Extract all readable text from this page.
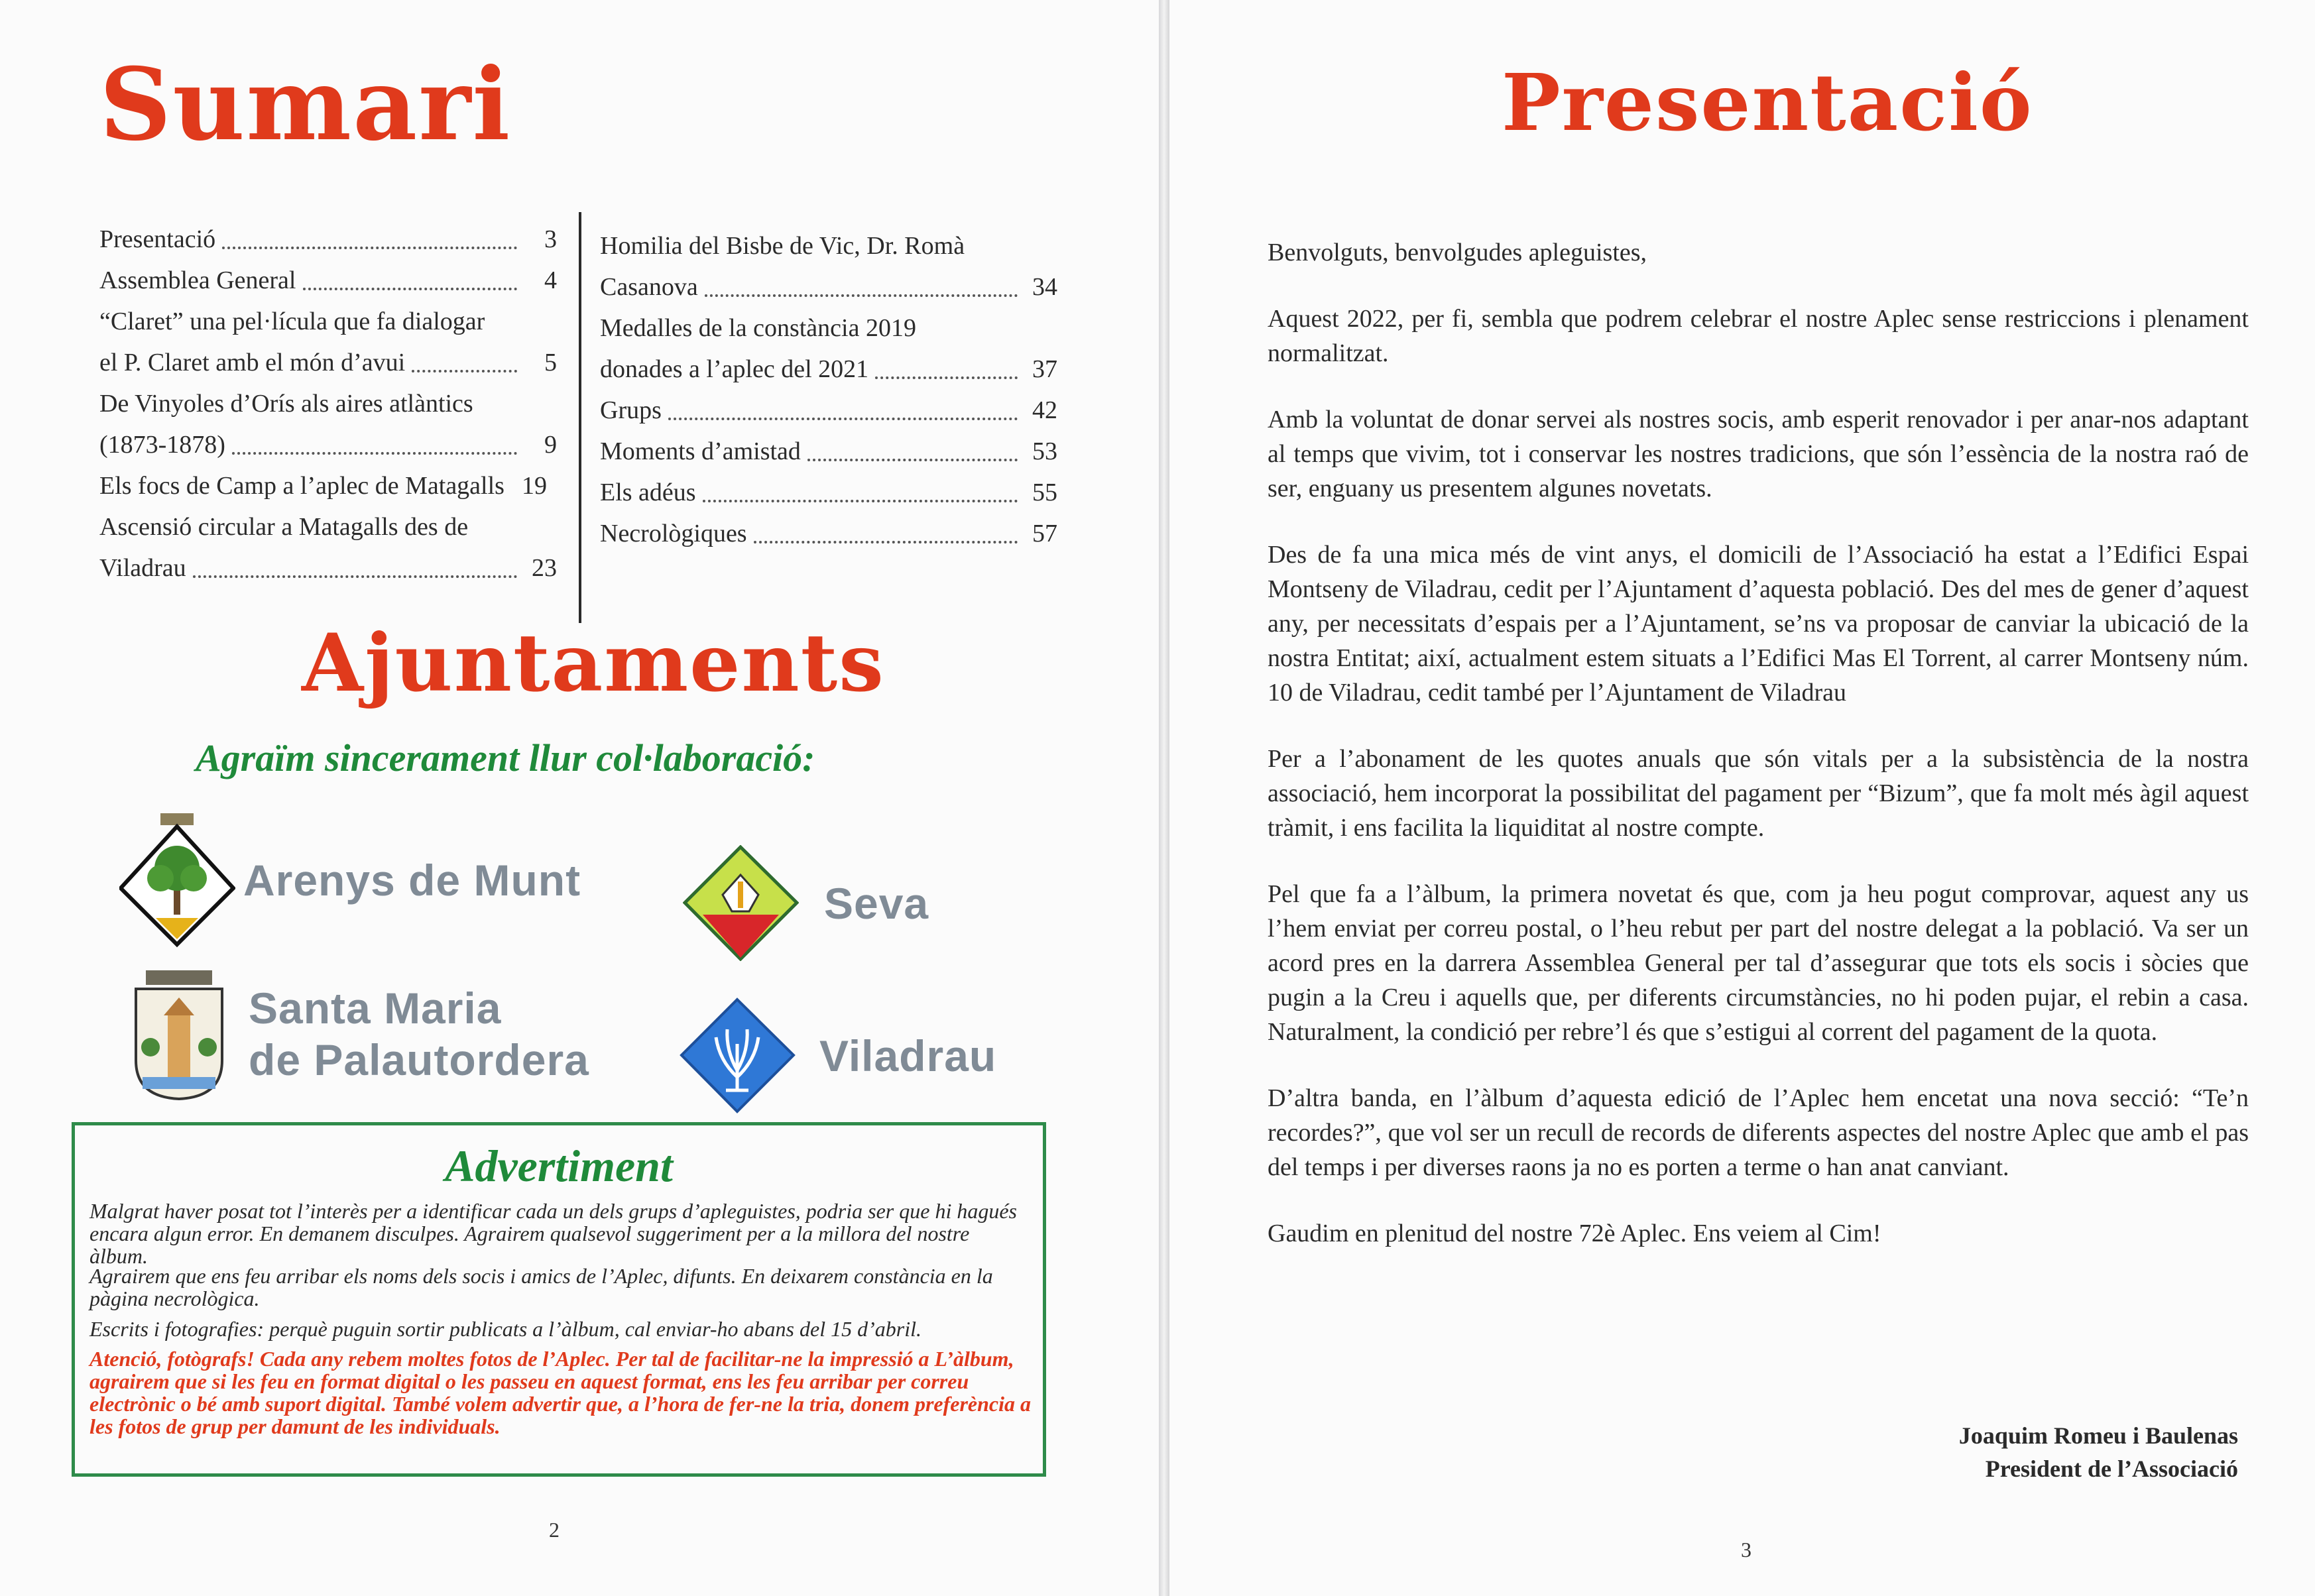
Sumari
Presentació	3
Assemblea General	4
“Claret” una pel·lícula que fa dialogar
el P. Claret amb el món d’avui	5
De Vinyoles d’Orís als aires atlàntics
(1873-1878)	9
Els focs de Camp a l’aplec de Matagalls 19
Ascensió circular a Matagalls des de
Viladrau	23
Homilia del Bisbe de Vic, Dr. Romà
Casanova	34
Medalles de la constància 2019
donades a l’aplec del 2021	37
Grups	42
Moments d’amistad	53
Els adéus	55
Necrològiques	57
Ajuntaments
Agraïm sincerament llur col·laboració:
Arenys de Munt	Seva
Santa Maria
de Palautordera	Viladrau
Advertiment
Malgrat haver posat tot l’interès per a identificar cada un dels grups d’apleguistes, podria ser que hi hagués encara algun error. En demanem disculpes. Agrairem qualsevol suggeriment per a la millora del nostre àlbum.
Agrairem que ens feu arribar els noms dels socis i amics de l’Aplec, difunts. En deixarem constància en la pàgina necrològica.
Escrits i fotografies: perquè puguin sortir publicats a l’àlbum, cal enviar-ho abans del 15 d’abril.
Atenció, fotògrafs! Cada any rebem moltes fotos de l’Aplec. Per tal de facilitar-ne la impressió a L’àlbum, agrairem que si les feu en format digital o les passeu en aquest format, ens les feu arribar per correu electrònic o bé amb suport digital. També volem advertir que, a l’hora de fer-ne la tria, donem preferència a les fotos de grup per damunt de les individuals.
2
Presentació

Benvolguts, benvolgudes apleguistes,

Aquest 2022, per fi, sembla que podrem celebrar el nostre Aplec sense restriccions i plenament normalitzat.

Amb la voluntat de donar servei als nostres socis, amb esperit renovador i per anar-nos adaptant al temps que vivim, tot i conservar les nostres tradicions, que són l’essència de la nostra raó de ser, enguany us presentem algunes novetats.

Des de fa una mica més de vint anys, el domicili de l’Associació ha estat a l’Edifici Espai Montseny de Viladrau, cedit per l’Ajuntament d’aquesta població. Des del mes de gener d’aquest any, per necessitats d’espais per a l’Ajuntament, se’ns va proposar de canviar la ubicació de la nostra Entitat; així, actualment estem situats a l’Edifici Mas El Torrent, al carrer Montseny núm. 10 de Viladrau, cedit també per l’Ajuntament de Viladrau

Per a l’abonament de les quotes anuals que són vitals per a la subsistència de la nostra associació, hem incorporat la possibilitat del pagament per “Bizum”, que fa molt més àgil aquest tràmit, i ens facilita la liquiditat al nostre compte.

Pel que fa a l’àlbum, la primera novetat és que, com ja heu pogut comprovar, aquest any us l’hem enviat per correu postal, o l’heu rebut per part del nostre delegat a la població. Va ser un acord pres en la darrera Assemblea General per tal d’assegurar que tots els socis i sòcies que pugin a la Creu i aquells que, per diferents circumstàncies, no hi poden pujar, el rebin a casa. Naturalment, la condició per rebre’l és que s’estigui al corrent del pagament de la quota.

D’altra banda, en l’àlbum d’aquesta edició de l’Aplec hem encetat una nova secció: “Te’n recordes?”, que vol ser un recull de records de diferents aspectes del nostre Aplec que amb el pas del temps i per diverses raons ja no es porten a terme o han anat canviant.

Gaudim en plenitud del nostre 72è Aplec. Ens veiem al Cim!

Joaquim Romeu i Baulenas
President de l’Associació
3
